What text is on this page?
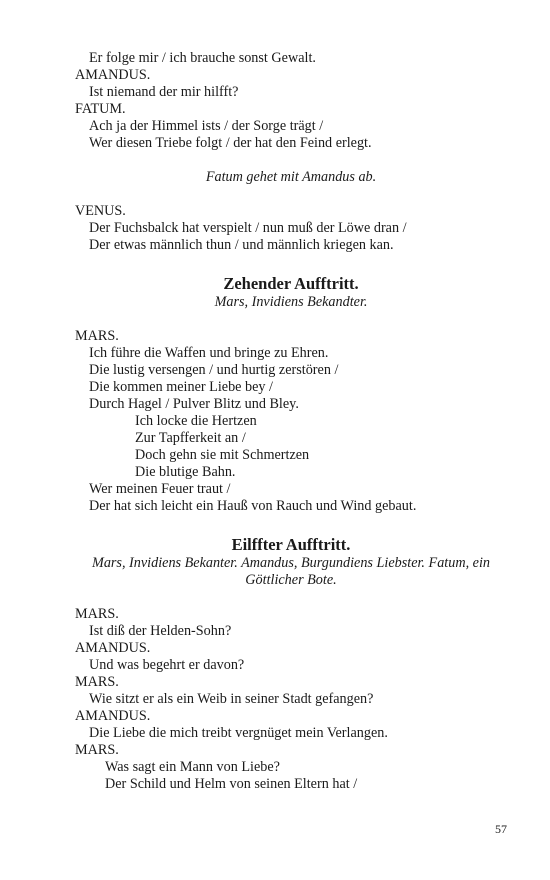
Er folge mir / ich brauche sonst Gewalt.
AMANDUS.
Ist niemand der mir hilfft?
FATUM.
Ach ja der Himmel ists / der Sorge trägt /
Wer diesen Triebe folgt / der hat den Feind erlegt.
Fatum gehet mit Amandus ab.
VENUS.
Der Fuchsbalck hat verspielt / nun muß der Löwe dran /
Der etwas männlich thun / und männlich kriegen kan.
Zehender Aufftritt.
Mars, Invidiens Bekandter.
MARS.
Ich führe die Waffen und bringe zu Ehren.
Die lustig versengen / und hurtig zerstören /
Die kommen meiner Liebe bey /
Durch Hagel / Pulver Blitz und Bley.
Ich locke die Hertzen
Zur Tapfferkeit an /
Doch gehn sie mit Schmertzen
Die blutige Bahn.
Wer meinen Feuer traut /
Der hat sich leicht ein Hauß von Rauch und Wind gebaut.
Eilffter Aufftritt.
Mars, Invidiens Bekanter. Amandus, Burgundiens Liebster. Fatum, ein Göttlicher Bote.
MARS.
Ist diß der Helden-Sohn?
AMANDUS.
Und was begehrt er davon?
MARS.
Wie sitzt er als ein Weib in seiner Stadt gefangen?
AMANDUS.
Die Liebe die mich treibt vergnüget mein Verlangen.
MARS.
Was sagt ein Mann von Liebe?
Der Schild und Helm von seinen Eltern hat /
57
